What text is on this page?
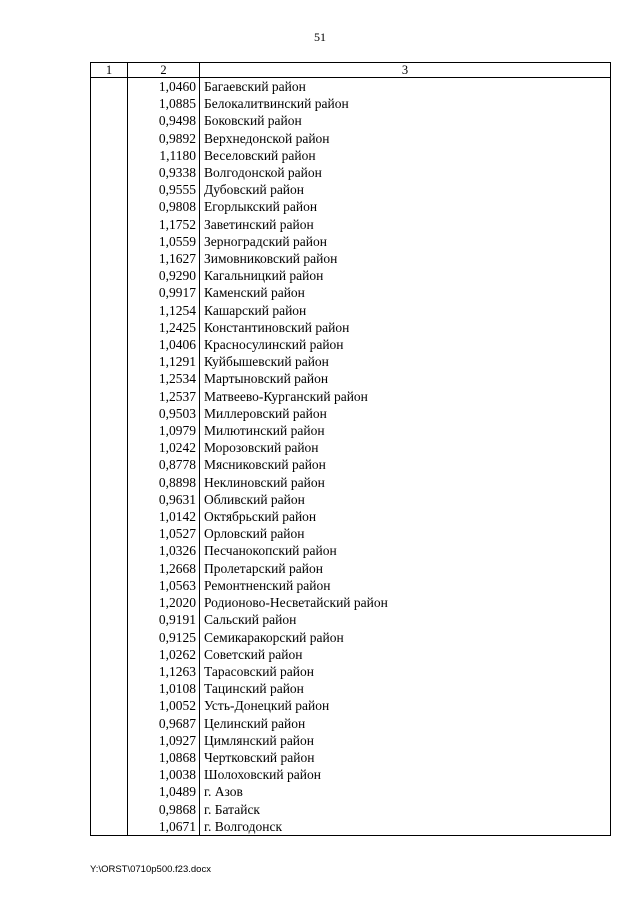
51
1	2	3
	1,0460	Багаевский район
	1,0885	Белокалитвинский район
	0,9498	Боковский район
	0,9892	Верхнедонской район
	1,1180	Веселовский район
	0,9338	Волгодонской район
	0,9555	Дубовский район
	0,9808	Егорлыкский район
	1,1752	Заветинский район
	1,0559	Зерноградский район
	1,1627	Зимовниковский район
	0,9290	Кагальницкий район
	0,9917	Каменский район
	1,1254	Кашарский район
	1,2425	Константиновский район
	1,0406	Красносулинский район
	1,1291	Куйбышевский район
	1,2534	Мартыновский район
	1,2537	Матвеево-Курганский район
	0,9503	Миллеровский район
	1,0979	Милютинский район
	1,0242	Морозовский район
	0,8778	Мясниковский район
	0,8898	Неклиновский район
	0,9631	Обливский район
	1,0142	Октябрьский район
	1,0527	Орловский район
	1,0326	Песчанокопский район
	1,2668	Пролетарский район
	1,0563	Ремонтненский район
	1,2020	Родионово-Несветайский район
	0,9191	Сальский район
	0,9125	Семикаракорский район
	1,0262	Советский район
	1,1263	Тарасовский район
	1,0108	Тацинский район
	1,0052	Усть-Донецкий район
	0,9687	Целинский район
	1,0927	Цимлянский район
	1,0868	Чертковский район
	1,0038	Шолоховский район
	1,0489	г. Азов
	0,9868	г. Батайск
	1,0671	г. Волгодонск
Y:\ORST\0710p500.f23.docx
